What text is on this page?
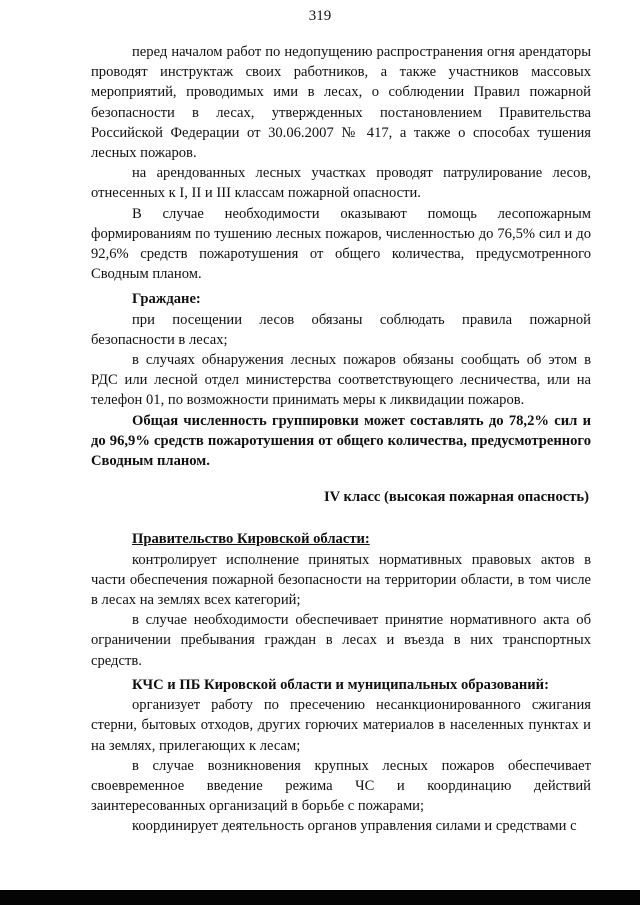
319

перед началом работ по недопущению распространения огня арендаторы проводят инструктаж своих работников, а также участников массовых мероприятий, проводимых ими в лесах, о соблюдении Правил пожарной безопасности в лесах, утвержденных постановлением Правительства Российской Федерации от 30.06.2007 № 417, а также о способах тушения лесных пожаров.

на арендованных лесных участках проводят патрулирование лесов, отнесенных к I, II и III классам пожарной опасности.

В случае необходимости оказывают помощь лесопожарным формированиям по тушению лесных пожаров, численностью до 76,5% сил и до 92,6% средств пожаротушения от общего количества, предусмотренного Сводным планом.

Граждане:

при посещении лесов обязаны соблюдать правила пожарной безопасности в лесах;

в случаях обнаружения лесных пожаров обязаны сообщать об этом в РДС или лесной отдел министерства соответствующего лесничества, или на телефон 01, по возможности принимать меры к ликвидации пожаров.

Общая численность группировки может составлять до 78,2% сил и до 96,9% средств пожаротушения от общего количества, предусмотренного Сводным планом.

IV класс (высокая пожарная опасность)

Правительство Кировской области:

контролирует исполнение принятых нормативных правовых актов в части обеспечения пожарной безопасности на территории области, в том числе в лесах на землях всех категорий;

в случае необходимости обеспечивает принятие нормативного акта об ограничении пребывания граждан в лесах и въезда в них транспортных средств.

КЧС и ПБ Кировской области и муниципальных образований:

организует работу по пресечению несанкционированного сжигания стерни, бытовых отходов, других горючих материалов в населенных пунктах и на землях, прилегающих к лесам;

в случае возникновения крупных лесных пожаров обеспечивает своевременное введение режима ЧС и координацию действий заинтересованных организаций в борьбе с пожарами;

координирует деятельность органов управления силами и средствами с
